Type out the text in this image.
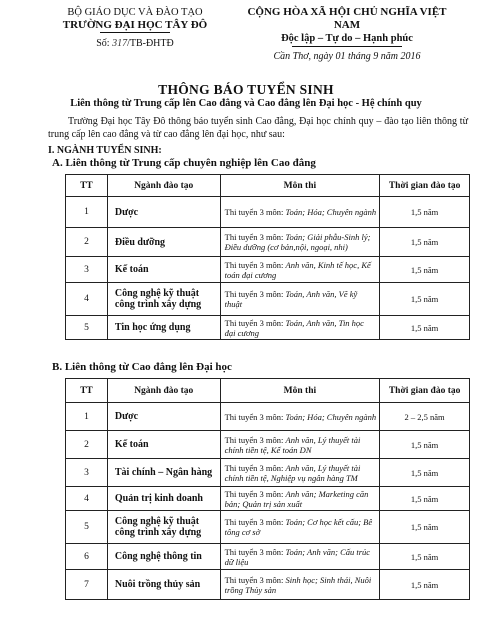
BỘ GIÁO DỤC VÀ ĐÀO TẠO
TRƯỜNG ĐẠI HỌC TÂY ĐÔ
Số: 317/TB-ĐHTĐ
CỘNG HÒA XÃ HỘI CHỦ NGHĨA VIỆT NAM
Độc lập – Tự do – Hạnh phúc
Cần Thơ, ngày 01 tháng 9 năm 2016
THÔNG BÁO TUYỂN SINH
Liên thông từ Trung cấp lên Cao đẳng và Cao đẳng lên Đại học - Hệ chính quy
Trường Đại học Tây Đô thông báo tuyển sinh Cao đẳng, Đại học chính quy – đào tạo liên thông từ trung cấp lên cao đẳng và từ cao đẳng lên đại học, như sau:
I. NGÀNH TUYỂN SINH:
A. Liên thông từ Trung cấp chuyên nghiệp lên Cao đẳng
TT	Ngành đào tạo	Môn thi	Thời gian đào tạo
1	Dược	Thi tuyển 3 môn: Toán; Hóa; Chuyên ngành	1,5 năm
2	Điều dưỡng	Thi tuyển 3 môn: Toán; Giải phẫu-Sinh lý; Điều dưỡng (cơ bản,nội, ngoại, nhi)	1,5 năm
3	Kế toán	Thi tuyển 3 môn: Anh văn, Kinh tế học, Kế toán đại cương	1,5 năm
4	Công nghệ kỹ thuật công trình xây dựng	Thi tuyển 3 môn: Toán, Anh văn, Vẽ kỹ thuật	1,5 năm
5	Tin học ứng dụng	Thi tuyển 3 môn: Toán, Anh văn, Tin học đại cương	1,5 năm
B. Liên thông từ Cao đẳng lên Đại học
TT	Ngành đào tạo	Môn thi	Thời gian đào tạo
1	Dược	Thi tuyển 3 môn: Toán; Hóa; Chuyên ngành	2 – 2,5 năm
2	Kế toán	Thi tuyển 3 môn: Anh văn, Lý thuyết tài chính tiền tệ, Kế toán DN	1,5 năm
3	Tài chính – Ngân hàng	Thi tuyển 3 môn: Anh văn, Lý thuyết tài chính tiền tệ, Nghiệp vụ ngân hàng TM	1,5 năm
4	Quản trị kinh doanh	Thi tuyển 3 môn: Anh văn; Marketing căn bản; Quản trị sản xuất	1,5 năm
5	Công nghệ kỹ thuật công trình xây dựng	Thi tuyển 3 môn: Toán; Cơ học kết cấu; Bê tông cơ sở	1,5 năm
6	Công nghệ thông tin	Thi tuyển 3 môn: Toán; Anh văn; Cấu trúc dữ liệu	1,5 năm
7	Nuôi trồng thủy sản	Thi tuyển 3 môn: Sinh học; Sinh thái, Nuôi trồng Thủy sản	1,5 năm
